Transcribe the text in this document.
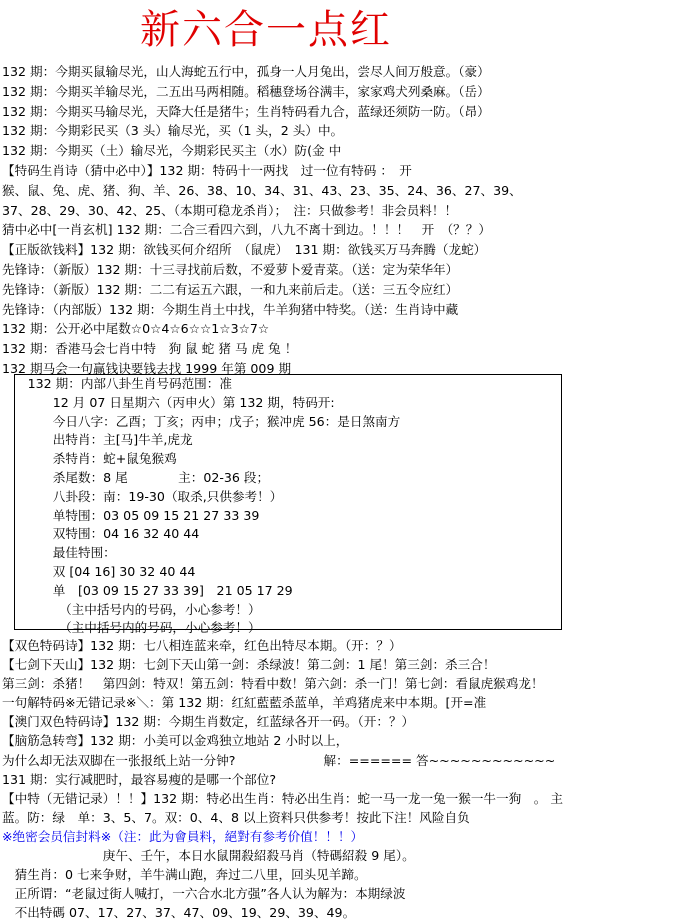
新六合一点红
132 期：今期买鼠输尽光，山人海蛇五行中，孤身一人月兔出，尝尽人间万般意。（豪）
132 期：今期买羊输尽光，二五出马两相随。稻穗登场谷满丰，家家鸡犬列桑麻。（岳）
132 期：今期买马输尽光，天降大任是猪牛；生肖特码看九合，蓝绿还须防一防。（昂）
132 期：今期彩民买（3 头）输尽光，买（1 头，2 头）中。
132 期：今期买（土）输尽光，今期彩民买主（水）防(金 中
【特码生肖诗（猜中必中）】132 期：特码十一两找　过一位有特码 ：　开
猴、鼠、兔、虎、猪、狗、羊、26、38、10、34、31、43、23、35、24、36、27、39、
37、28、29、30、42、25、（本期可稳龙杀肖）；　注：只做参考！非会员料！！
猜中必中[一肖玄机] 132 期：二合三看四六到，八九不离十到边。！！！　开　（？？）
【正版欲钱料】132 期：欲钱买何介绍所　（鼠虎）　131 期：欲钱买万马奔腾（龙蛇）
先锋诗：（新版）132 期：十三寻找前后数，不爱萝卜爱青菜。（送：定为荣华年）
先锋诗：（新版）132 期：二二有运五六跟，一和九来前后走。（送：三五令应红）
先锋诗：（内部版）132 期：今期生肖土中找，牛羊狗猪中特奖。（送：生肖诗中藏
132 期：公开必中尾数☆0☆4☆6☆☆1☆3☆7☆
132 期：香港马会七肖中特　狗 鼠 蛇 猪 马 虎 兔 ！
132 期马会一句赢钱诀要钱去找 1999 年第 009 期
　132 期：内部八卦生肖号码范围：准
　　　12 月 07 日星期六（丙申火）第 132 期，特码开:
　　　今日八字：乙酉；丁亥；丙申；戊子；猴冲虎 56：是日煞南方
　　　出特肖：主[马]牛羊,虎龙
　　　杀特肖：蛇+鼠兔猴鸡
　　　杀尾数：8 尾　　　　主：02-36 段；
　　　八卦段：南：19-30（取杀,只供参考！）
　　　单特围：03 05 09 15 21 27 33 39
　　　双特围：04 16 32 40 44
　　　最佳特围：
　　　双 [04 16] 30 32 40 44
　　　单　[03 09 15 27 33 39]　21 05 17 29
　　　　（主中括号内的号码，小心参考！）
　　　　（主中括号内的号码，小心参考！）
【双色特码诗】132 期：七八相连蓝来牵，红色出特尽本期。（开：？）
【七剑下天山】132 期：七剑下天山第一剑：杀绿波！第二剑：1 尾！第三剑：杀三合！
第三剑：杀猪！　第四剑：特双！第五剑：特看中数！第六剑：杀一门！第七剑：看鼠虎猴鸡龙！
一句解特码※无错记录※＼：第 132 期：红紅藍藍杀蓝单，羊鸡猪虎来中本期。[开=准
【澳门双色特码诗】132 期：今期生肖数定，红蓝绿各开一码。（开：？）
【脑筋急转弯】132 期：小美可以金鸡独立地站 2 小时以上，
为什么却无法双脚在一张报纸上站一分钟?　　　　　　　解：====== 答~~~~~~~~~~~~
131 期：实行减肥时，最容易瘦的是哪一个部位?
【中特（无错记录）！！】132 期：特必出生肖：特必出生肖：蛇一马一龙一兔一猴一牛一狗　。 主
蓝。防：绿　单：3、5、7。双：0、4、8 以上资料只供参考！按此下注！风险自负
※绝密会员信封料※（注：此为會員料，絕對有参考价值！！！）
　　　　　　　　庚午、壬午，本日水鼠開殺紹殺马肖（特碼紹殺 9 尾）。
　猜生肖：0 七来争财，羊牛满山跑，奔过二八里，回头见羊蹄。
　正所谓：“老鼠过街人喊打，一六合水北方强”各人认为解为：本期绿波
　不出特碼 07、17、27、37、47、09、19、29、39、49。
